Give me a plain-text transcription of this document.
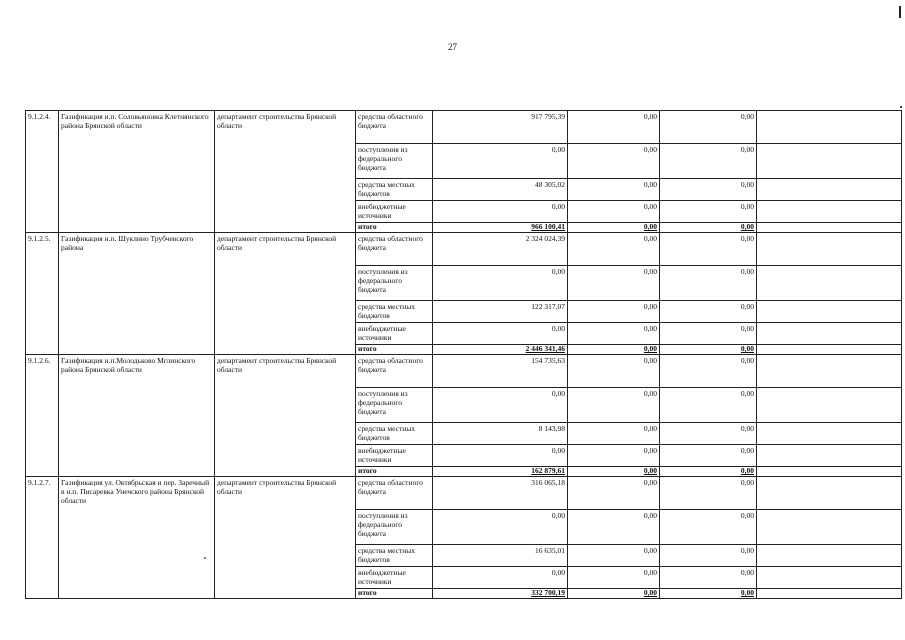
27
9.1.2.4.	Газификация н.п. Соловьяновка Клетнянского района Брянской области	департамент строительства Брянской области	средства областного бюджета	917 795,39	0,00	0,00	
			поступления из федерального бюджета	0,00	0,00	0,00	
			средства местных бюджетов	48 305,02	0,00	0,00	
			внебюджетные источники	0,00	0,00	0,00	
			итого	966 100,41	0,00	0,00	
9.1.2.5.	Газификация н.п. Шуклино Трубчевского района	департамент строительства Брянской области	средства областного бюджета	2 324 024,39	0,00	0,00	
			поступления из федерального бюджета	0,00	0,00	0,00	
			средства местных бюджетов	122 317,07	0,00	0,00	
			внебюджетные источники	0,00	0,00	0,00	
			итого	2 446 341,46	0,00	0,00	
9.1.2.6.	Газификация н.п.Молодьково Мглинского района Брянской области	департамент строительства Брянской области	средства областного бюджета	154 735,63	0,00	0,00	
			поступления из федерального бюджета	0,00	0,00	0,00	
			средства местных бюджетов	8 143,98	0,00	0,00	
			внебюджетные источники	0,00	0,00	0,00	
			итого	162 879,61	0,00	0,00	
9.1.2.7.	Газификация ул. Октябрьская и пер. Заречный в н.п. Писаревка Унечского района Брянской области	департамент строительства Брянской области	средства областного бюджета	316 065,18	0,00	0,00	
			поступления из федерального бюджета	0,00	0,00	0,00	
			средства местных бюджетов	16 635,01	0,00	0,00	
			внебюджетные источники	0,00	0,00	0,00	
			итого	332 700,19	0,00	0,00	
